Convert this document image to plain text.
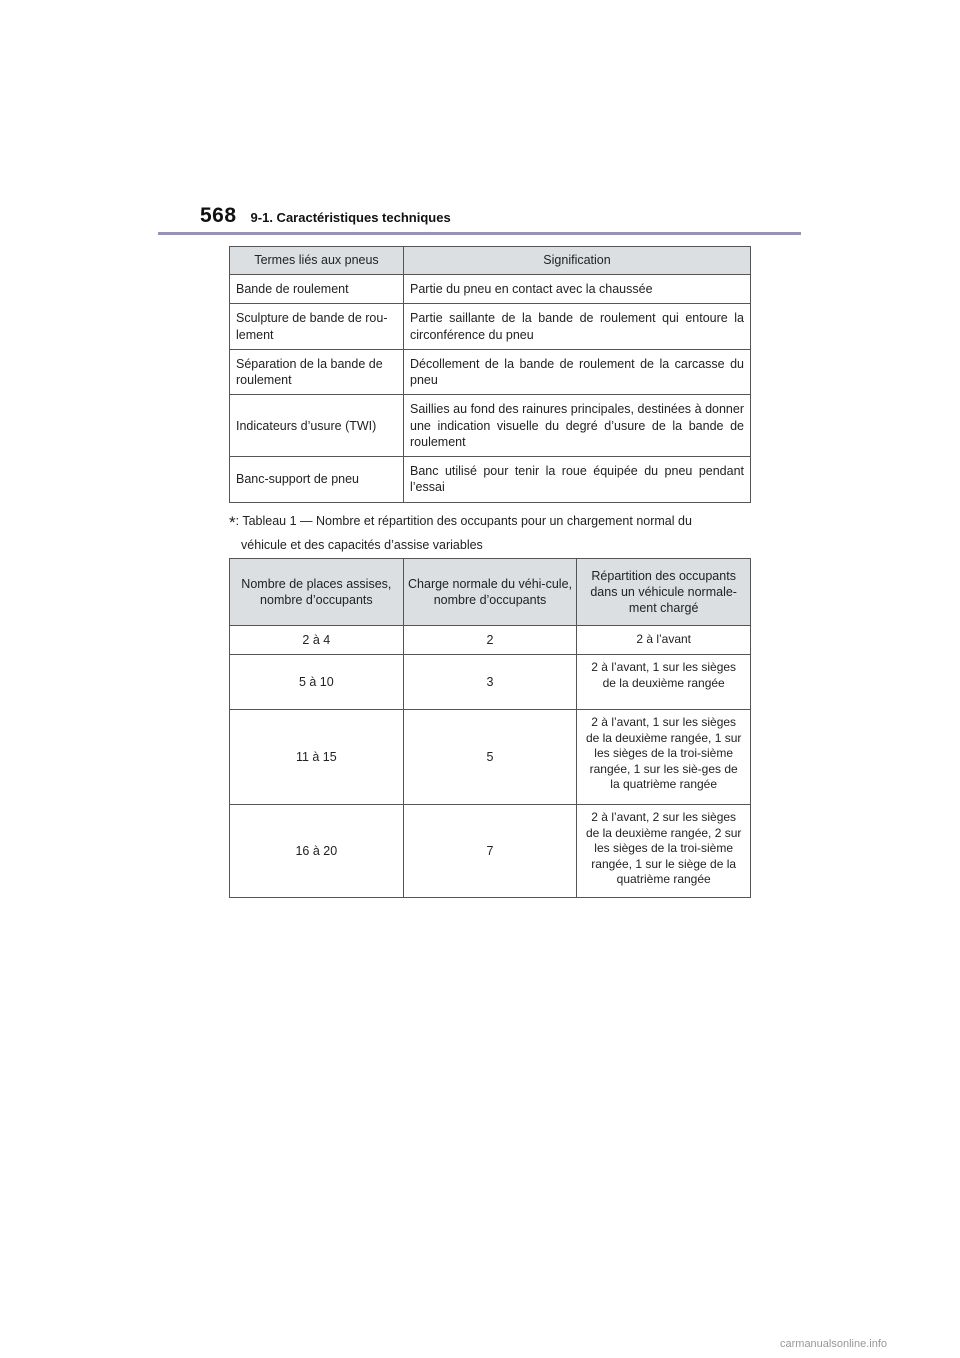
568 9-1. Caractéristiques techniques
Termes liés aux pneus	Signification
Bande de roulement	Partie du pneu en contact avec la chaussée
Sculpture de bande de rou-lement	Partie saillante de la bande de roulement qui entoure la circonférence du pneu
Séparation de la bande de roulement	Décollement de la bande de roulement de la carcasse du pneu
Indicateurs d’usure (TWI)	Saillies au fond des rainures principales, destinées à donner une indication visuelle du degré d’usure de la bande de roulement
Banc-support de pneu	Banc utilisé pour tenir la roue équipée du pneu pendant l’essai
*: Tableau 1 — Nombre et répartition des occupants pour un chargement normal du
véhicule et des capacités d’assise variables
Nombre de places assises, nombre d’occupants	Charge normale du véhi-cule, nombre d’occupants	Répartition des occupants dans un véhicule normale-ment chargé
2 à 4	2	2 à l’avant
5 à 10	3	2 à l’avant, 1 sur les sièges de la deuxième rangée
11 à 15	5	2 à l’avant, 1 sur les sièges de la deuxième rangée, 1 sur les sièges de la troi-sième rangée, 1 sur les siè-ges de la quatrième rangée
16 à 20	7	2 à l’avant, 2 sur les sièges de la deuxième rangée, 2 sur les sièges de la troi-sième rangée, 1 sur le siège de la quatrième rangée
carmanualsonline.info
